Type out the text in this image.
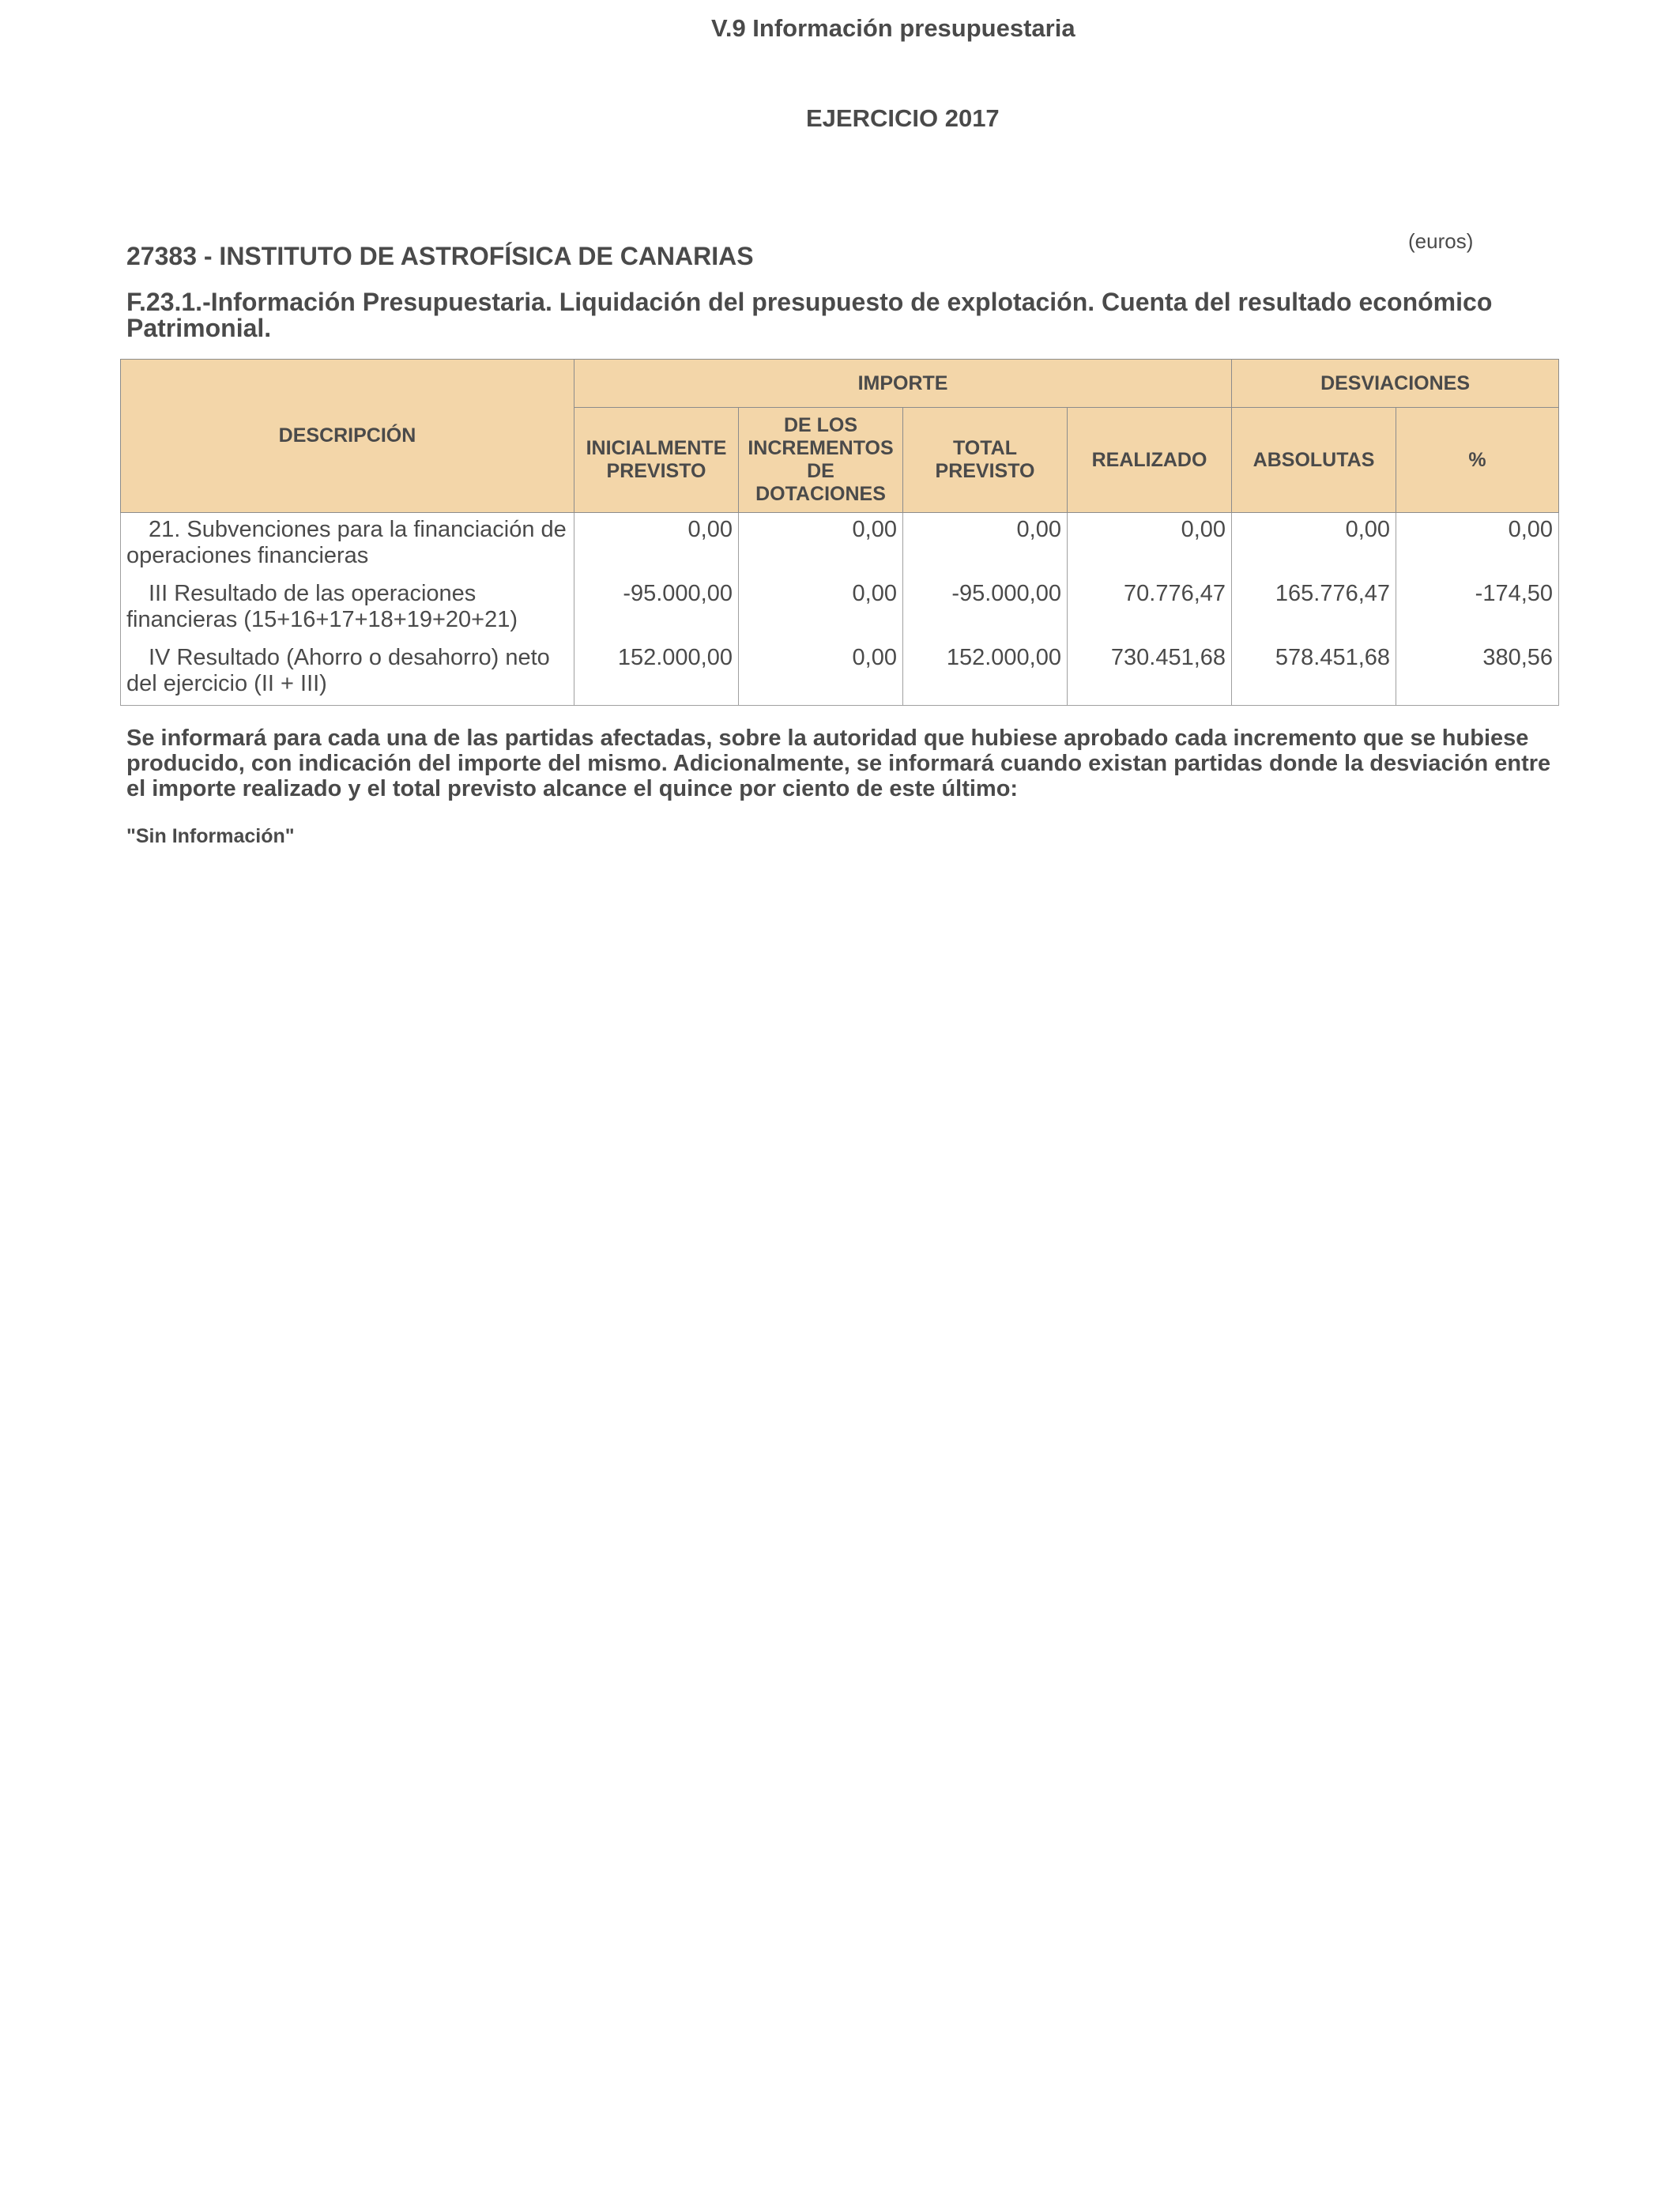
V.9 Información presupuestaria
EJERCICIO 2017
(euros)
27383 - INSTITUTO DE ASTROFÍSICA DE CANARIAS
F.23.1.-Información Presupuestaria. Liquidación del presupuesto de explotación. Cuenta del resultado económico Patrimonial.
DESCRIPCIÓN	IMPORTE				DESVIACIONES	
	INICIALMENTE PREVISTO	DE LOS INCREMENTOS DE DOTACIONES	TOTAL PREVISTO	REALIZADO	ABSOLUTAS	%
21. Subvenciones para la financiación de operaciones financieras	0,00	0,00	0,00	0,00	0,00	0,00
III Resultado de las operaciones financieras (15+16+17+18+19+20+21)	-95.000,00	0,00	-95.000,00	70.776,47	165.776,47	-174,50
IV Resultado (Ahorro o desahorro) neto del ejercicio (II + III)	152.000,00	0,00	152.000,00	730.451,68	578.451,68	380,56
Se informará para cada una de las partidas afectadas, sobre la autoridad que hubiese aprobado cada incremento que se hubiese producido, con indicación del importe del mismo. Adicionalmente, se informará cuando existan partidas donde la desviación entre el importe realizado y el total previsto alcance el quince por ciento de este último:
"Sin Información"
